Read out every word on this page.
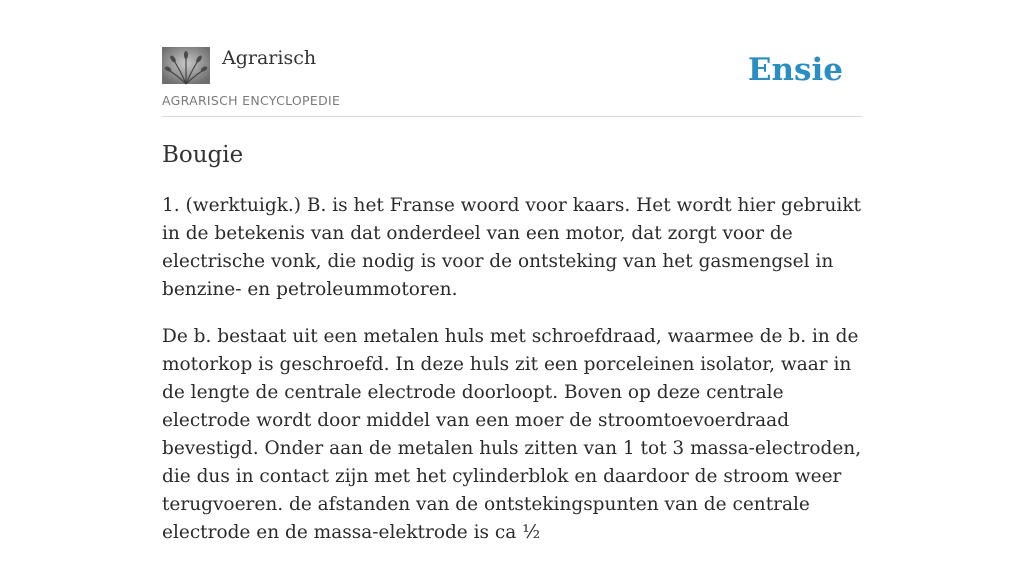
Agrarisch
AGRARISCH ENCYCLOPEDIE
Ensie
Bougie

1. (werktuigk.) B. is het Franse woord voor kaars. Het wordt hier gebruikt in de betekenis van dat onderdeel van een motor, dat zorgt voor de electrische vonk, die nodig is voor de ontsteking van het gasmengsel in benzine- en petroleummotoren.

De b. bestaat uit een metalen huls met schroefdraad, waarmee de b. in de motorkop is geschroefd. In deze huls zit een porceleinen isolator, waar in de lengte de centrale electrode doorloopt. Boven op deze centrale electrode wordt door middel van een moer de stroomtoevoerdraad bevestigd. Onder aan de metalen huls zitten van 1 tot 3 massa-electroden, die dus in contact zijn met het cylinderblok en daardoor de stroom weer terugvoeren. de afstanden van de ontstekingspunten van de centrale electrode en de massa-elektrode is ca ½
